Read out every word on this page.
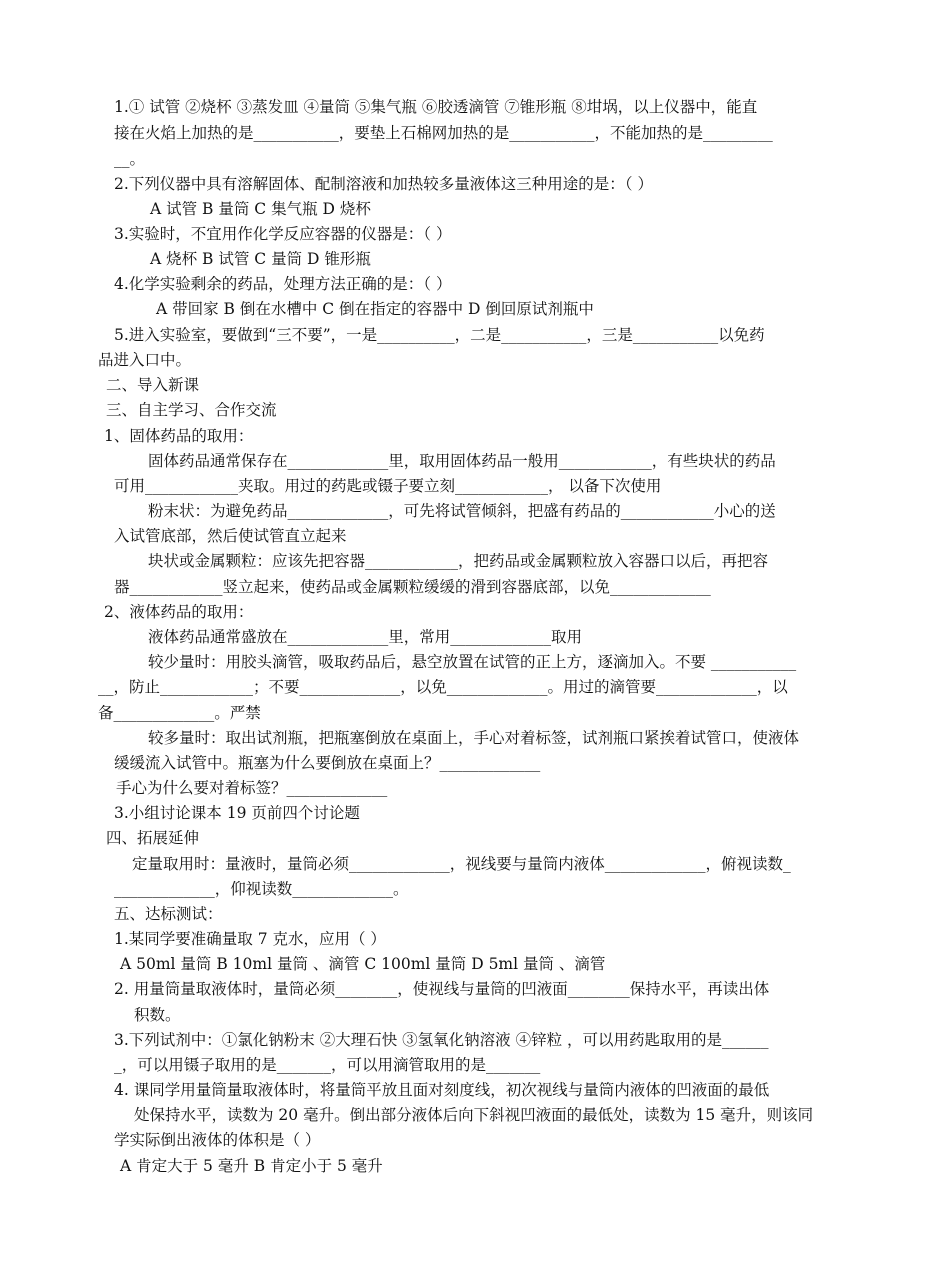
1.① 试管 ②烧杯 ③蒸发皿 ④量筒 ⑤集气瓶 ⑥胶透滴管 ⑦锥形瓶 ⑧坩埚，以上仪器中，能直
接在火焰上加热的是___________，要垫上石棉网加热的是___________，不能加热的是_________
__。
2.下列仪器中具有溶解固体、配制溶液和加热较多量液体这三种用途的是：（ ）
A 试管 B 量筒 C 集气瓶 D 烧杯
3.实验时，不宜用作化学反应容器的仪器是：（ ）
A 烧杯 B 试管 C 量筒 D 锥形瓶
4.化学实验剩余的药品，处理方法正确的是：（ ）
A 带回家 B 倒在水槽中 C 倒在指定的容器中 D 倒回原试剂瓶中
5.进入实验室，要做到“三不要”，一是__________，二是___________，三是___________以免药
品进入口中。
二、导入新课
三、自主学习、合作交流
1、固体药品的取用：
固体药品通常保存在_____________里，取用固体药品一般用____________，有些块状的药品
可用____________夹取。用过的药匙或镊子要立刻____________， 以备下次使用
粉末状：为避免药品_____________，可先将试管倾斜，把盛有药品的____________小心的送
入试管底部，然后使试管直立起来
块状或金属颗粒：应该先把容器____________，把药品或金属颗粒放入容器口以后，再把容
器____________竖立起来，使药品或金属颗粒缓缓的滑到容器底部，以免_____________
2、液体药品的取用：
液体药品通常盛放在_____________里，常用_____________取用
较少量时：用胶头滴管，吸取药品后，悬空放置在试管的正上方，逐滴加入。不要 ___________
__，防止____________；不要_____________，以免_____________。用过的滴管要_____________，以
备_____________。严禁
较多量时：取出试剂瓶，把瓶塞倒放在桌面上，手心对着标签，试剂瓶口紧挨着试管口，使液体
缓缓流入试管中。瓶塞为什么要倒放在桌面上？_____________
手心为什么要对着标签？_____________
3.小组讨论课本 19 页前四个讨论题
四、拓展延伸
定量取用时：量液时，量筒必须_____________，视线要与量筒内液体_____________，俯视读数_
_____________，仰视读数_____________。
五、达标测试：
1.某同学要准确量取 7 克水，应用（ ）
A 50ml 量筒 B 10ml 量筒 、滴管 C 100ml 量筒 D 5ml 量筒 、滴管
2. 用量筒量取液体时，量筒必须________，使视线与量筒的凹液面________保持水平，再读出体
积数。
3.下列试剂中：①氯化钠粉末 ②大理石快 ③氢氧化钠溶液 ④锌粒 ，可以用药匙取用的是______
_，可以用镊子取用的是_______，可以用滴管取用的是_______
4. 课同学用量筒量取液体时，将量筒平放且面对刻度线，初次视线与量筒内液体的凹液面的最低
处保持水平，读数为 20 毫升。倒出部分液体后向下斜视凹液面的最低处，读数为 15 毫升，则该同
学实际倒出液体的体积是（ ）
A 肯定大于 5 毫升 B 肯定小于 5 毫升
